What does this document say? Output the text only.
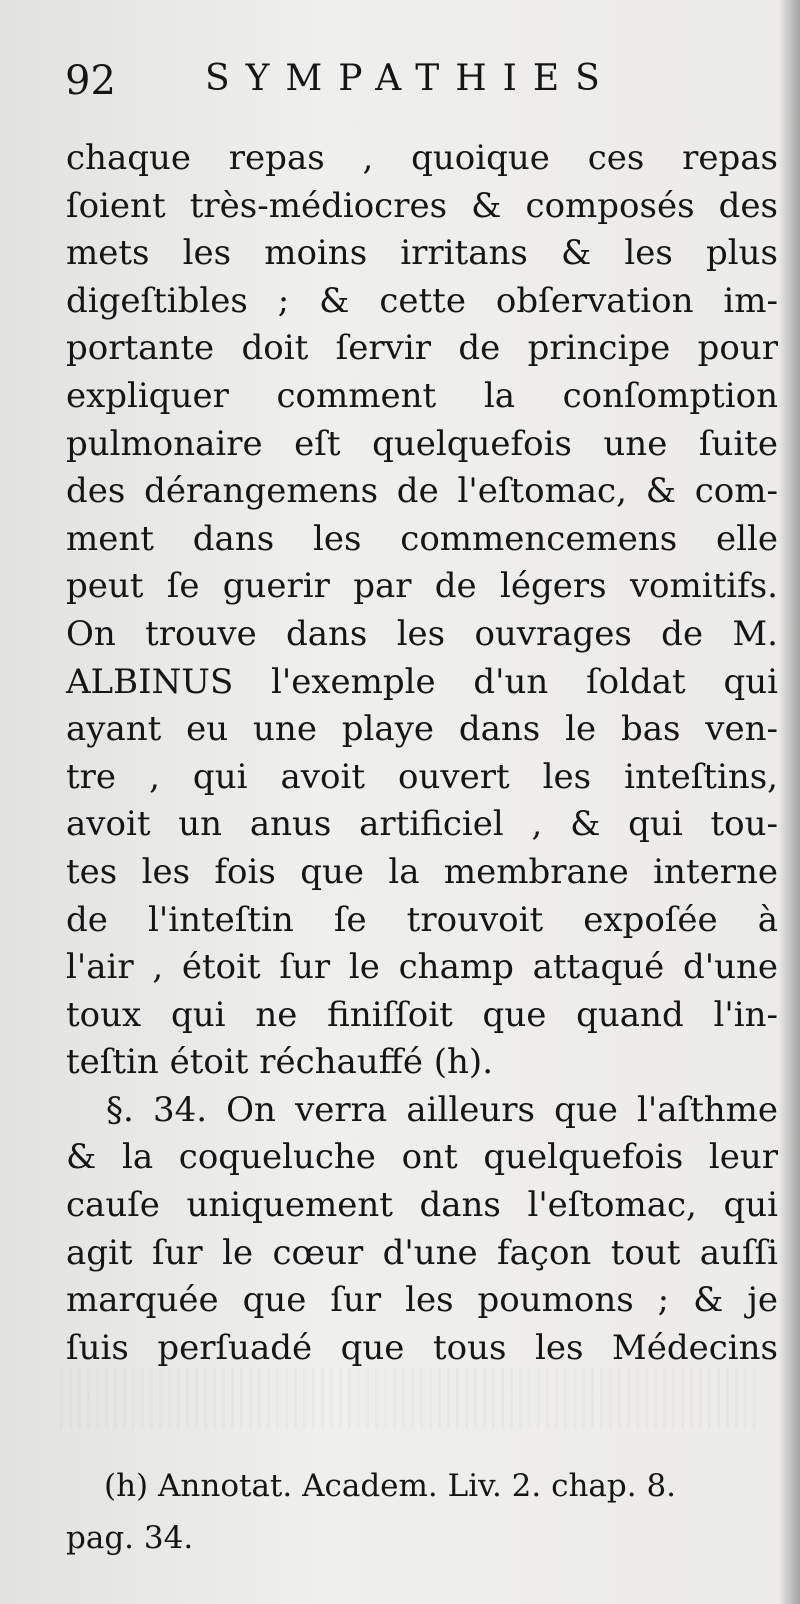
92 SYMPATHIES
chaque repas , quoique ces repas
ſoient très-médiocres & composés des
mets les moins irritans & les plus
digeſtibles ; & cette obſervation im-
portante doit ſervir de principe pour
expliquer comment la conſomption
pulmonaire eſt quelquefois une ſuite
des dérangemens de l'eſtomac, & com-
ment dans les commencemens elle
peut ſe guerir par de légers vomitifs.
On trouve dans les ouvrages de M.
ALBINUS l'exemple d'un ſoldat qui
ayant eu une playe dans le bas ven-
tre , qui avoit ouvert les inteſtins,
avoit un anus artificiel , & qui tou-
tes les fois que la membrane interne
de l'inteſtin ſe trouvoit expoſée à
l'air , étoit ſur le champ attaqué d'une
toux qui ne finiſſoit que quand l'in-
teſtin étoit réchauffé (h).
§. 34. On verra ailleurs que l'aſthme
& la coqueluche ont quelquefois leur
cauſe uniquement dans l'eſtomac, qui
agit ſur le cœur d'une façon tout auſſi
marquée que ſur les poumons ; & je
ſuis perſuadé que tous les Médecins
(h) Annotat. Academ. Liv. 2. chap. 8.
pag. 34.
